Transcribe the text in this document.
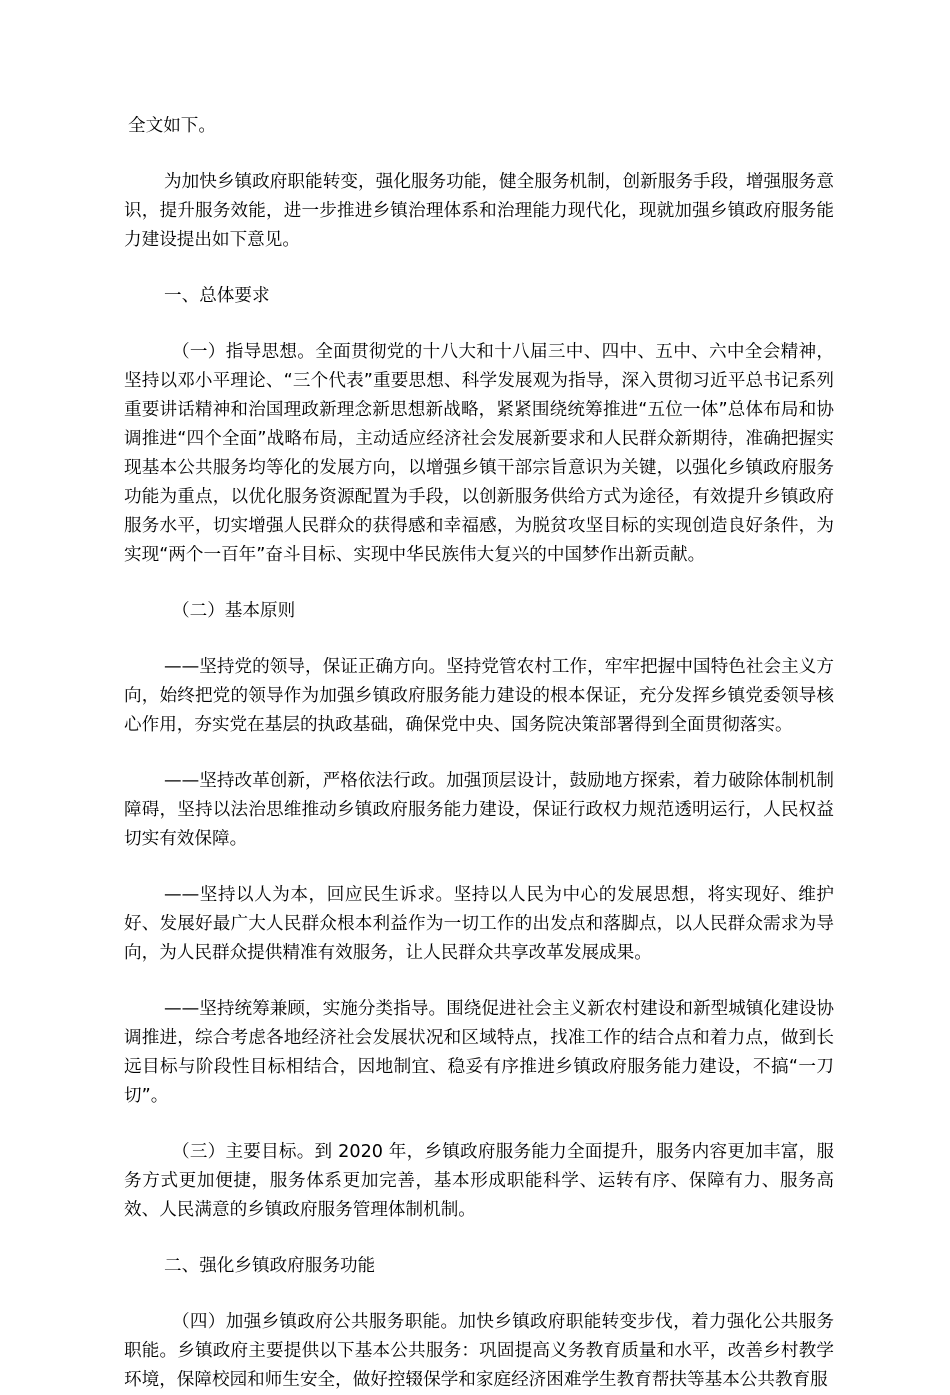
全文如下。

为加快乡镇政府职能转变，强化服务功能，健全服务机制，创新服务手段，增强服务意识，提升服务效能，进一步推进乡镇治理体系和治理能力现代化，现就加强乡镇政府服务能力建设提出如下意见。

一、总体要求

（一）指导思想。全面贯彻党的十八大和十八届三中、四中、五中、六中全会精神，坚持以邓小平理论、“三个代表”重要思想、科学发展观为指导，深入贯彻习近平总书记系列重要讲话精神和治国理政新理念新思想新战略，紧紧围绕统筹推进“五位一体”总体布局和协调推进“四个全面”战略布局，主动适应经济社会发展新要求和人民群众新期待，准确把握实现基本公共服务均等化的发展方向，以增强乡镇干部宗旨意识为关键，以强化乡镇政府服务功能为重点，以优化服务资源配置为手段，以创新服务供给方式为途径，有效提升乡镇政府服务水平，切实增强人民群众的获得感和幸福感，为脱贫攻坚目标的实现创造良好条件，为实现“两个一百年”奋斗目标、实现中华民族伟大复兴的中国梦作出新贡献。

（二）基本原则

——坚持党的领导，保证正确方向。坚持党管农村工作，牢牢把握中国特色社会主义方向，始终把党的领导作为加强乡镇政府服务能力建设的根本保证，充分发挥乡镇党委领导核心作用，夯实党在基层的执政基础，确保党中央、国务院决策部署得到全面贯彻落实。

——坚持改革创新，严格依法行政。加强顶层设计，鼓励地方探索，着力破除体制机制障碍，坚持以法治思维推动乡镇政府服务能力建设，保证行政权力规范透明运行，人民权益切实有效保障。

——坚持以人为本，回应民生诉求。坚持以人民为中心的发展思想，将实现好、维护好、发展好最广大人民群众根本利益作为一切工作的出发点和落脚点，以人民群众需求为导向，为人民群众提供精准有效服务，让人民群众共享改革发展成果。

——坚持统筹兼顾，实施分类指导。围绕促进社会主义新农村建设和新型城镇化建设协调推进，综合考虑各地经济社会发展状况和区域特点，找准工作的结合点和着力点，做到长远目标与阶段性目标相结合，因地制宜、稳妥有序推进乡镇政府服务能力建设，不搞“一刀切”。

（三）主要目标。到 2020 年，乡镇政府服务能力全面提升，服务内容更加丰富，服务方式更加便捷，服务体系更加完善，基本形成职能科学、运转有序、保障有力、服务高效、人民满意的乡镇政府服务管理体制机制。

二、强化乡镇政府服务功能

（四）加强乡镇政府公共服务职能。加快乡镇政府职能转变步伐，着力强化公共服务职能。乡镇政府主要提供以下基本公共服务：巩固提高义务教育质量和水平，改善乡村教学环境，保障校园和师生安全，做好控辍保学和家庭经济困难学生教育帮扶等基本公共教育服
